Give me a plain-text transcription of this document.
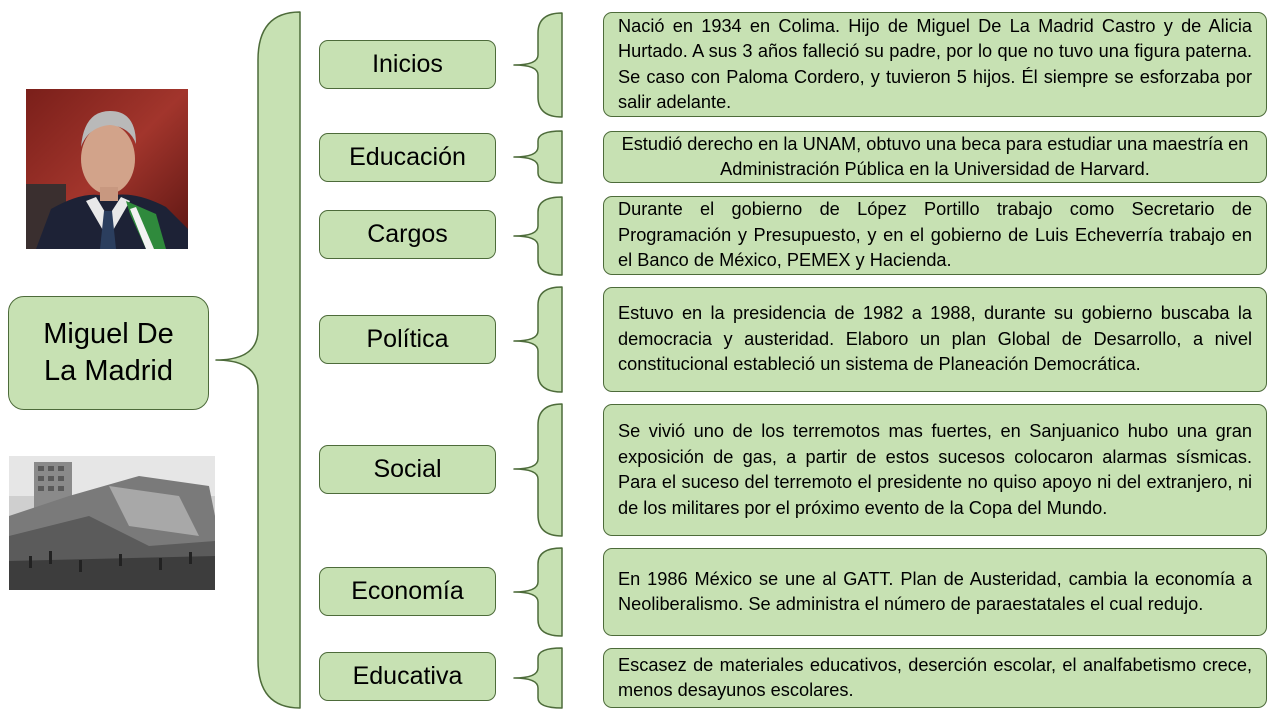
Miguel De La Madrid
Inicios
Educación
Cargos
Política
Social
Economía
Educativa
Nació en 1934 en Colima. Hijo de Miguel De La Madrid Castro y de Alicia Hurtado. A sus 3 años falleció su padre, por lo que no tuvo una figura paterna. Se caso con Paloma Cordero, y tuvieron 5 hijos. Él siempre se esforzaba por salir adelante.
Estudió derecho en la UNAM, obtuvo una beca para estudiar una maestría en Administración Pública en la Universidad de Harvard.
Durante el gobierno de López Portillo trabajo como Secretario de Programación y Presupuesto, y en el gobierno de Luis Echeverría trabajo en el Banco de México, PEMEX y Hacienda.
Estuvo en la presidencia de 1982 a 1988, durante su gobierno buscaba la democracia y austeridad. Elaboro un plan Global de Desarrollo, a nivel constitucional estableció un sistema de Planeación Democrática.
Se vivió uno de los terremotos mas fuertes, en Sanjuanico hubo una gran exposición de gas, a partir de estos sucesos colocaron alarmas sísmicas. Para el suceso del terremoto el presidente no quiso apoyo ni del extranjero, ni de los militares por el próximo evento de la Copa del Mundo.
En 1986 México se une al GATT. Plan de Austeridad, cambia la economía a Neoliberalismo. Se administra el número de paraestatales el cual redujo.
Escasez de materiales educativos, deserción escolar, el analfabetismo crece, menos desayunos escolares.
